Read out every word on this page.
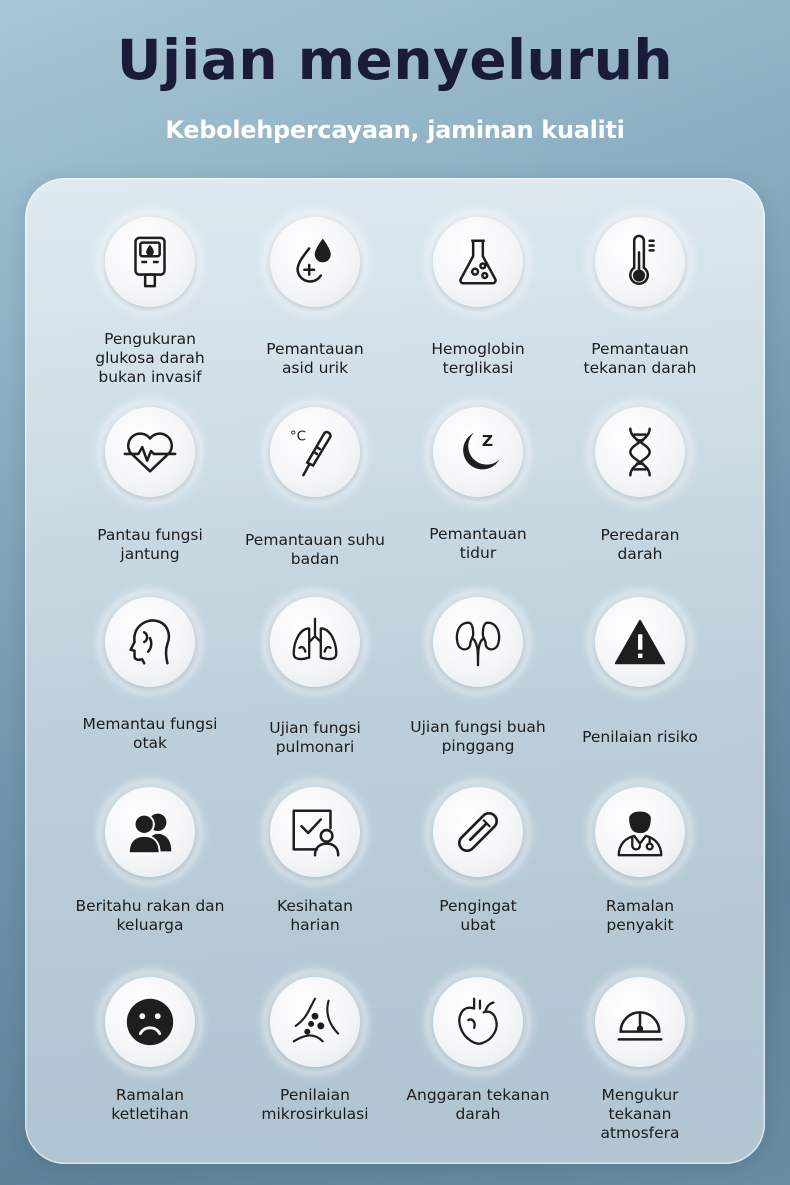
Ujian menyeluruh
Kebolehpercayaan, jaminan kualiti
Pengukuran
glukosa darah
bukan invasif
Pemantauan
asid urik
Hemoglobin
terglikasi
Pemantauan
tekanan darah
Pantau fungsi
jantung
°C
Pemantauan suhu
badan
Z
Pemantauan
tidur
Peredaran
darah
Memantau fungsi
otak
Ujian fungsi
pulmonari
Ujian fungsi buah
pinggang	Penilaian risiko
Beritahu rakan dan
keluarga
Kesihatan
harian
Pengingat
ubat
Ramalan
penyakit
Ramalan
ketletihan
Penilaian
mikrosirkulasi
Anggaran tekanan
darah
Mengukur
tekanan
atmosfera
